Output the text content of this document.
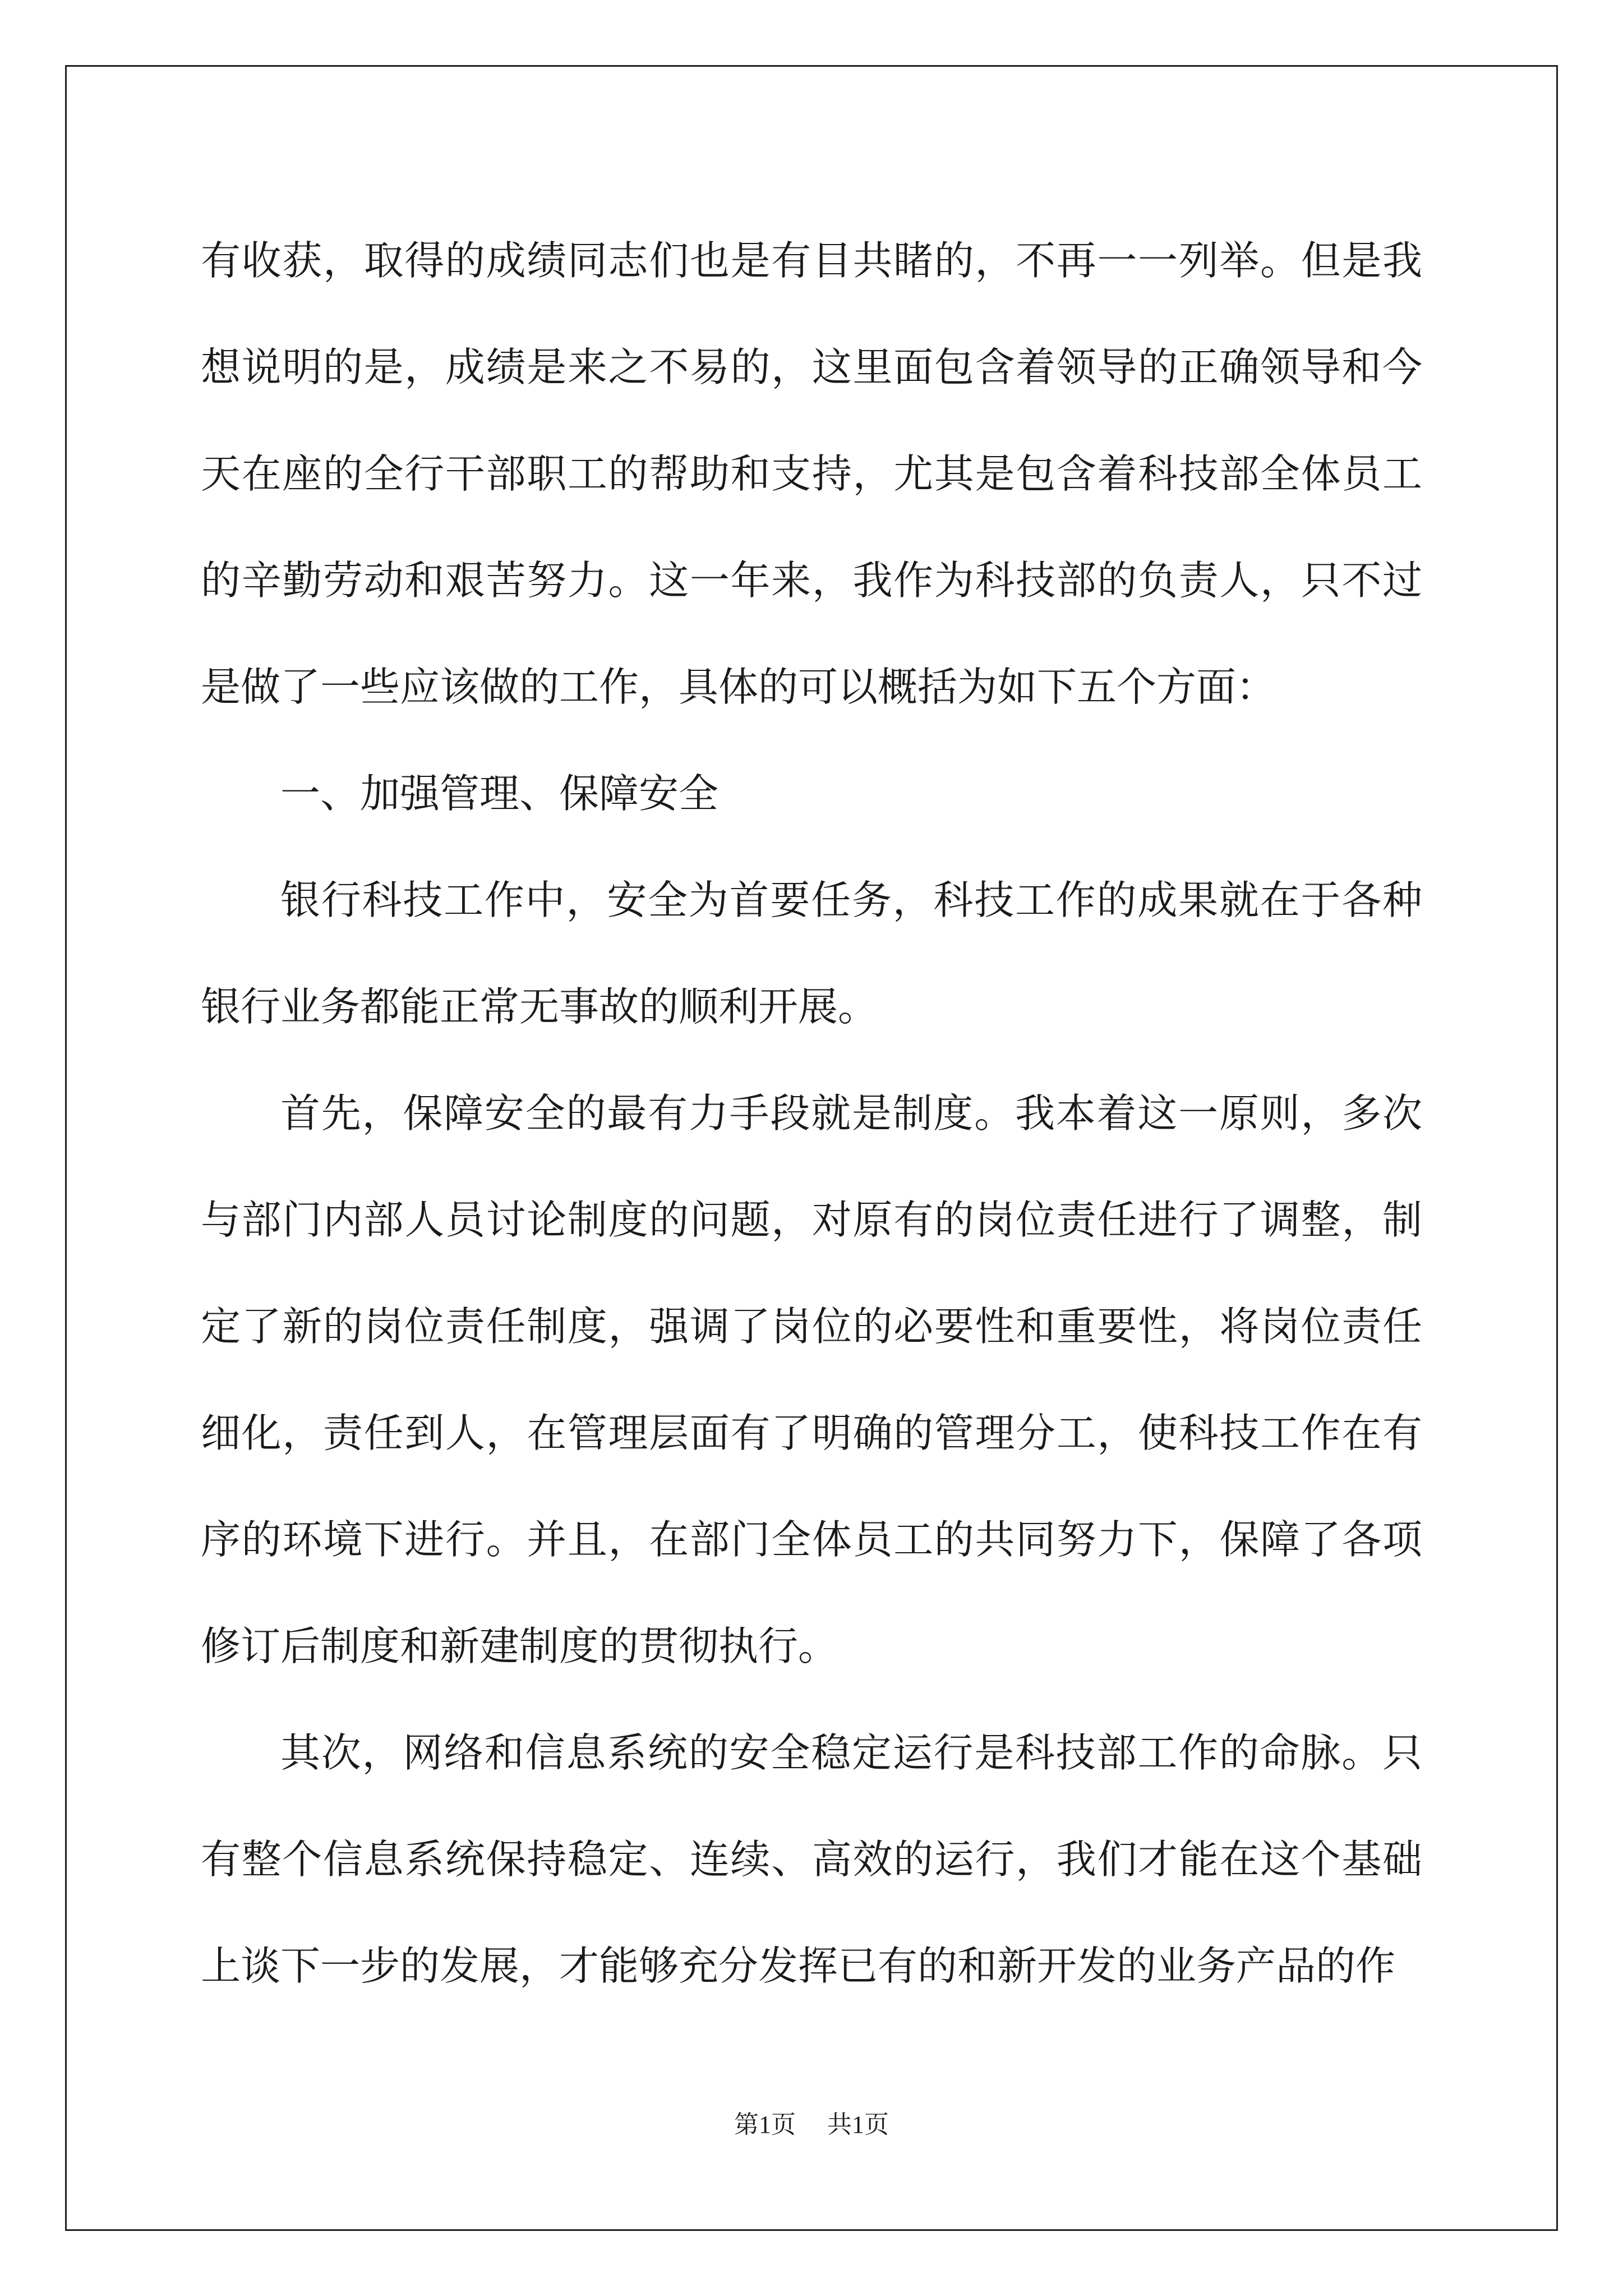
有收获，取得的成绩同志们也是有目共睹的，不再一一列举。但是我想说明的是，成绩是来之不易的，这里面包含着领导的正确领导和今天在座的全行干部职工的帮助和支持，尤其是包含着科技部全体员工的辛勤劳动和艰苦努力。这一年来，我作为科技部的负责人，只不过是做了一些应该做的工作，具体的可以概括为如下五个方面：

一、加强管理、保障安全

银行科技工作中，安全为首要任务，科技工作的成果就在于各种银行业务都能正常无事故的顺利开展。

首先，保障安全的最有力手段就是制度。我本着这一原则，多次与部门内部人员讨论制度的问题，对原有的岗位责任进行了调整，制定了新的岗位责任制度，强调了岗位的必要性和重要性，将岗位责任细化，责任到人，在管理层面有了明确的管理分工，使科技工作在有序的环境下进行。并且，在部门全体员工的共同努力下，保障了各项修订后制度和新建制度的贯彻执行。

其次，网络和信息系统的安全稳定运行是科技部工作的命脉。只有整个信息系统保持稳定、连续、高效的运行，我们才能在这个基础上谈下一步的发展，才能够充分发挥已有的和新开发的业务产品的作

第1页 共1页
